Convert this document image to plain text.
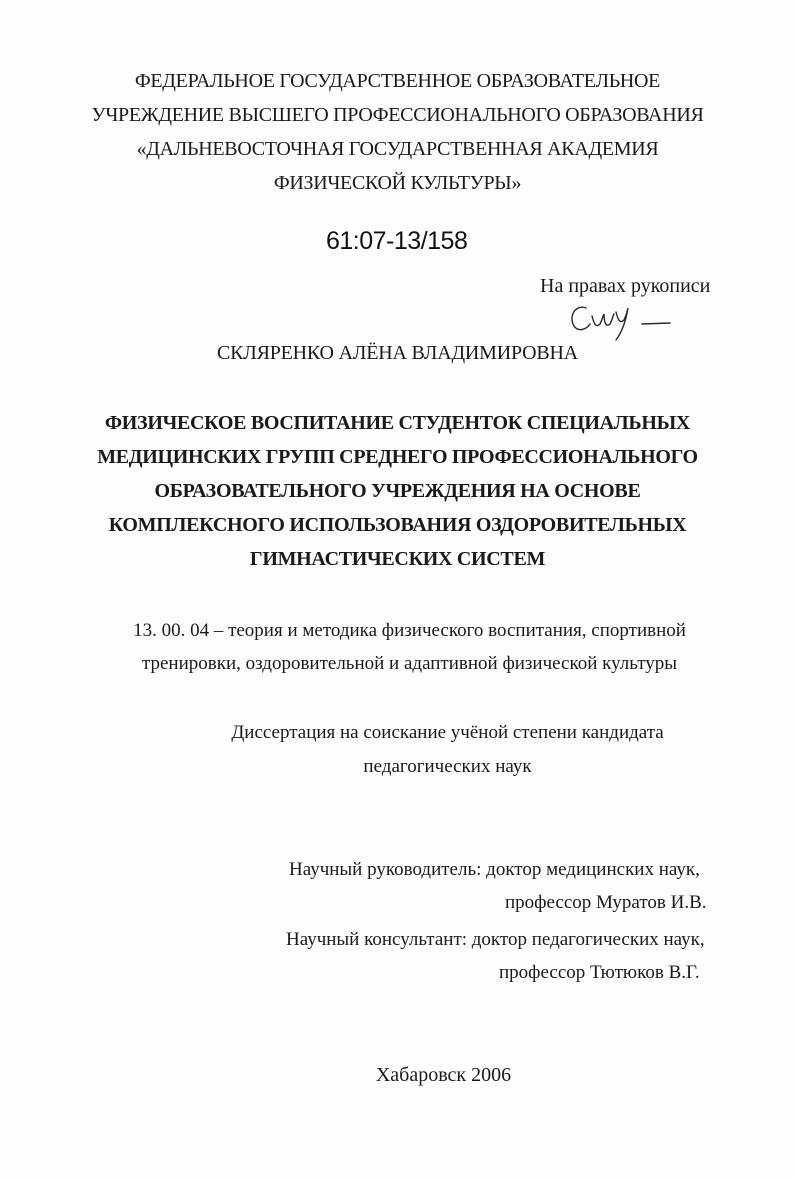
ФЕДЕРАЛЬНОЕ ГОСУДАРСТВЕННОЕ ОБРАЗОВАТЕЛЬНОЕ
УЧРЕЖДЕНИЕ ВЫСШЕГО ПРОФЕССИОНАЛЬНОГО ОБРАЗОВАНИЯ
«ДАЛЬНЕВОСТОЧНАЯ ГОСУДАРСТВЕННАЯ АКАДЕМИЯ
ФИЗИЧЕСКОЙ КУЛЬТУРЫ»
61:07-13/158
На правах рукописи
СКЛЯРЕНКО АЛЁНА ВЛАДИМИРОВНА
ФИЗИЧЕСКОЕ ВОСПИТАНИЕ СТУДЕНТОК СПЕЦИАЛЬНЫХ
МЕДИЦИНСКИХ ГРУПП СРЕДНЕГО ПРОФЕССИОНАЛЬНОГО
ОБРАЗОВАТЕЛЬНОГО УЧРЕЖДЕНИЯ НА ОСНОВЕ
КОМПЛЕКСНОГО ИСПОЛЬЗОВАНИЯ ОЗДОРОВИТЕЛЬНЫХ
ГИМНАСТИЧЕСКИХ СИСТЕМ
13. 00. 04 – теория и методика физического воспитания, спортивной
тренировки, оздоровительной и адаптивной физической культуры
Диссертация на соискание учёной степени кандидата
педагогических наук
Научный руководитель: доктор медицинских наук,
профессор Муратов И.В.
Научный консультант: доктор педагогических наук,
профессор Тютюков В.Г.
Хабаровск 2006
